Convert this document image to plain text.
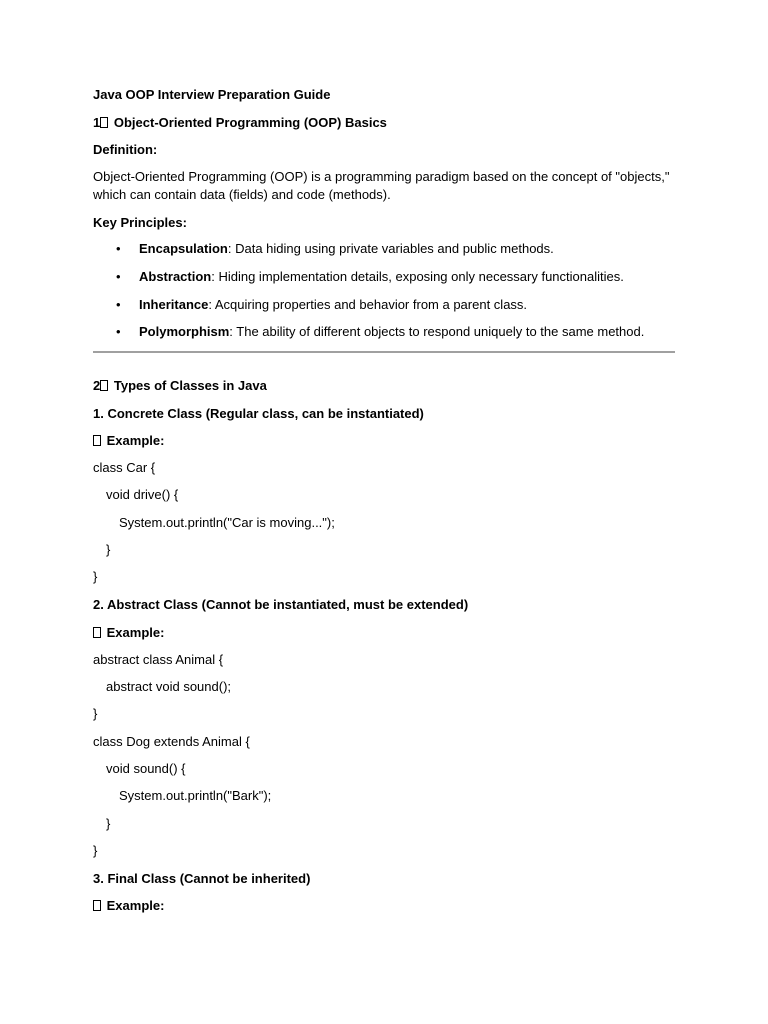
Java OOP Interview Preparation Guide
1 Object-Oriented Programming (OOP) Basics
Definition:
Object-Oriented Programming (OOP) is a programming paradigm based on the concept of "objects,"
which can contain data (fields) and code (methods).
Key Principles:
• Encapsulation: Data hiding using private variables and public methods.
• Abstraction: Hiding implementation details, exposing only necessary functionalities.
• Inheritance: Acquiring properties and behavior from a parent class.
• Polymorphism: The ability of different objects to respond uniquely to the same method.
2 Types of Classes in Java
1. Concrete Class (Regular class, can be instantiated)
Example:
class Car {
void drive() {
System.out.println("Car is moving...");
}
}
2. Abstract Class (Cannot be instantiated, must be extended)
Example:
abstract class Animal {
abstract void sound();
}
class Dog extends Animal {
void sound() {
System.out.println("Bark");
}
}
3. Final Class (Cannot be inherited)
Example:
